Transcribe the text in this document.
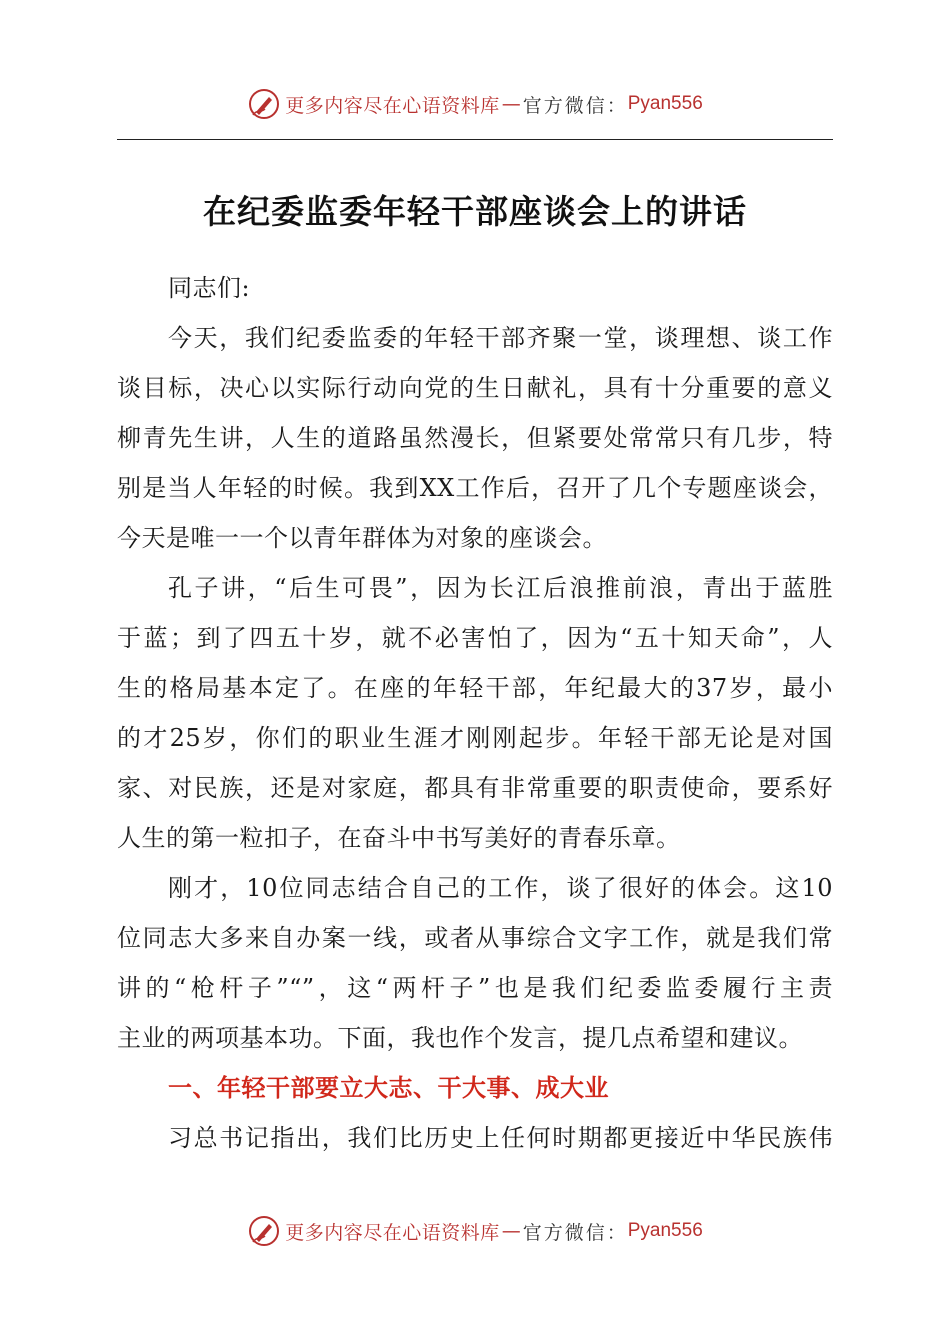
更多内容尽在心语资料库 — 官方微信： Pyan556
在纪委监委年轻干部座谈会上的讲话
同志们:
今天，我们纪委监委的年轻干部齐聚一堂，谈理想、谈工作
谈目标，决心以实际行动向党的生日献礼，具有十分重要的意义
柳青先生讲，人生的道路虽然漫长，但紧要处常常只有几步，特
别是当人年轻的时候。我到XX工作后，召开了几个专题座谈会，
今天是唯一一个以青年群体为对象的座谈会。
孔子讲，“后生可畏”，因为长江后浪推前浪，青出于蓝胜
于蓝；到了四五十岁，就不必害怕了，因为“五十知天命”，人
生的格局基本定了。在座的年轻干部，年纪最大的37岁，最小
的才25岁，你们的职业生涯才刚刚起步。年轻干部无论是对国
家、对民族，还是对家庭，都具有非常重要的职责使命，要系好
人生的第一粒扣子，在奋斗中书写美好的青春乐章。
刚才，10位同志结合自己的工作，谈了很好的体会。这10
位同志大多来自办案一线，或者从事综合文字工作，就是我们常
讲的“枪杆子”“”，这“两杆子”也是我们纪委监委履行主责
主业的两项基本功。下面，我也作个发言，提几点希望和建议。
一、年轻干部要立大志、干大事、成大业
习总书记指出，我们比历史上任何时期都更接近中华民族伟
更多内容尽在心语资料库 — 官方微信： Pyan556
